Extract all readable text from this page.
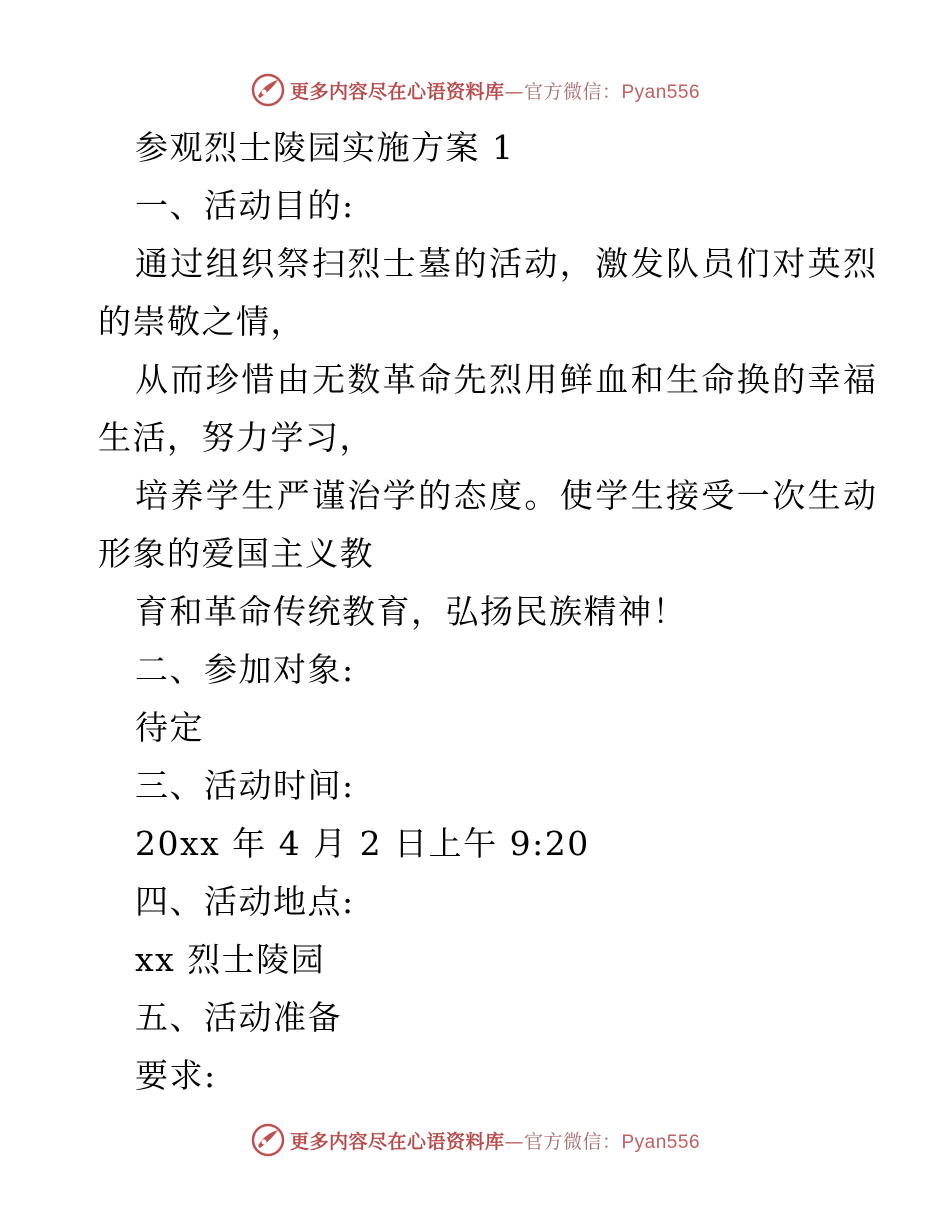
更多内容尽在心语资料库—官方微信：Pyan556
参观烈士陵园实施方案 1
一、活动目的:
通过组织祭扫烈士墓的活动，激发队员们对英烈
的崇敬之情，
从而珍惜由无数革命先烈用鲜血和生命换的幸福
生活，努力学习，
培养学生严谨治学的态度。使学生接受一次生动
形象的爱国主义教
育和革命传统教育，弘扬民族精神！
二、参加对象:
待定
三、活动时间:
20xx 年 4 月 2 日上午 9:20
四、活动地点:
xx 烈士陵园
五、活动准备
要求:
更多内容尽在心语资料库—官方微信：Pyan556
